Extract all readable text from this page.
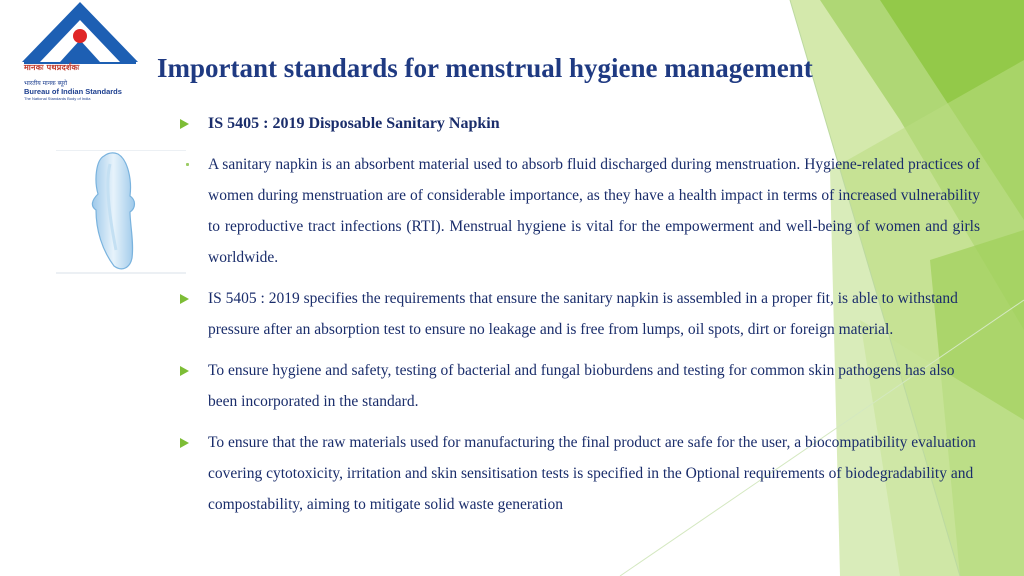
मानकः पथप्रदर्शकः
भारतीय मानक ब्यूरो
Bureau of Indian Standards
The National Standards Body of India
Important standards for menstrual hygiene management

IS 5405 : 2019 Disposable Sanitary Napkin

A sanitary napkin is an absorbent material used to absorb fluid discharged during menstruation. Hygiene-related practices of women during menstruation are of considerable importance, as they have a health impact in terms of increased vulnerability to reproductive tract infections (RTI). Menstrual hygiene is vital for the empowerment and well-being of women and girls worldwide.

IS 5405 : 2019 specifies the requirements that ensure the sanitary napkin is assembled in a proper fit, is able to withstand pressure after an absorption test to ensure no leakage and is free from lumps, oil spots, dirt or foreign material.

To ensure hygiene and safety, testing of bacterial and fungal bioburdens and testing for common skin pathogens has also been incorporated in the standard.

To ensure that the raw materials used for manufacturing the final product are safe for the user, a biocompatibility evaluation covering cytotoxicity, irritation and skin sensitisation tests is specified in the Optional requirements of biodegradability and compostability, aiming to mitigate solid waste generation
